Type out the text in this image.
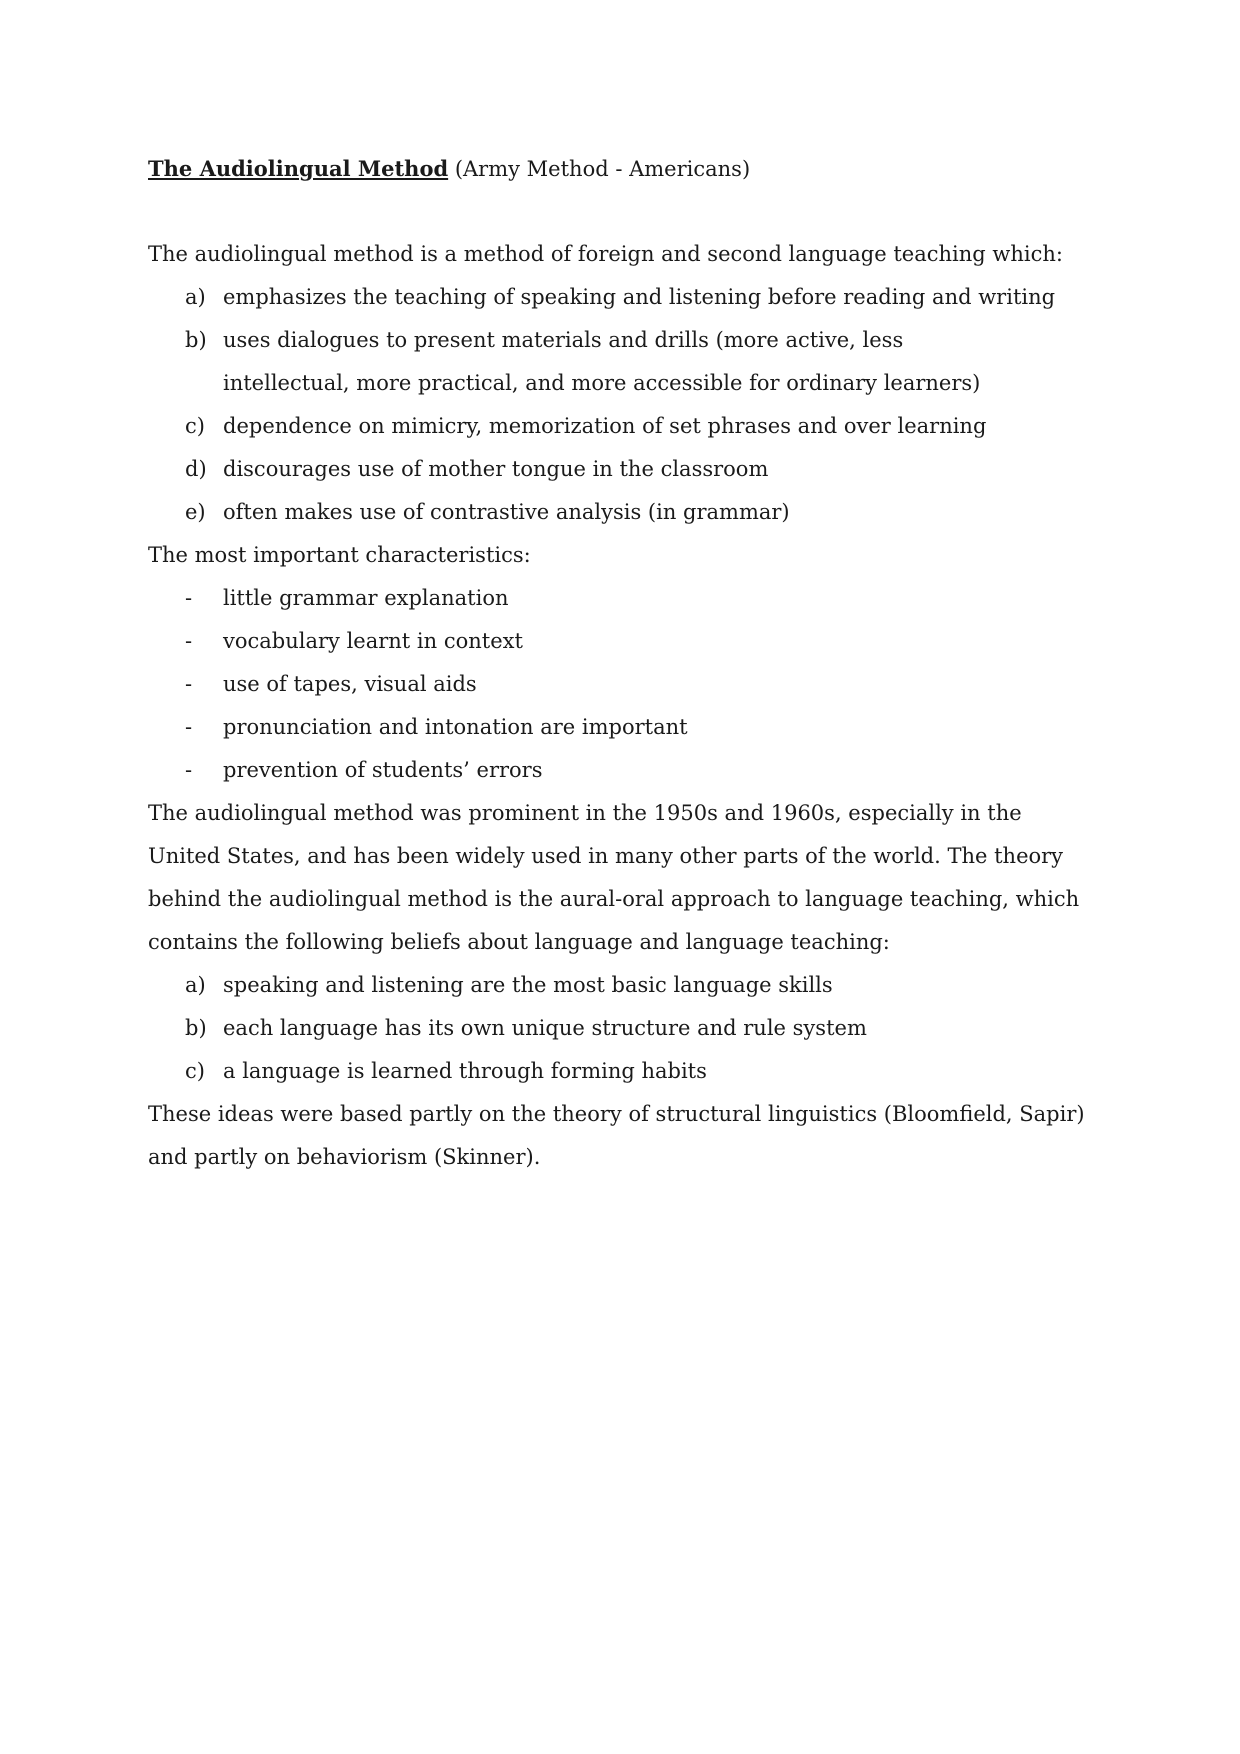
The Audiolingual Method (Army Method - Americans)

The audiolingual method is a method of foreign and second language teaching which:

a) emphasizes the teaching of speaking and listening before reading and writing
b) uses dialogues to present materials and drills (more active, less intellectual, more practical, and more accessible for ordinary learners)
c) dependence on mimicry, memorization of set phrases and over learning
d) discourages use of mother tongue in the classroom
e) often makes use of contrastive analysis (in grammar)

The most important characteristics:

-	little grammar explanation
-	vocabulary learnt in context
-	use of tapes, visual aids
-	pronunciation and intonation are important
-	prevention of students’ errors

The audiolingual method was prominent in the 1950s and 1960s, especially in the United States, and has been widely used in many other parts of the world. The theory behind the audiolingual method is the aural-oral approach to language teaching, which contains the following beliefs about language and language teaching:

a) speaking and listening are the most basic language skills
b) each language has its own unique structure and rule system
c) a language is learned through forming habits

These ideas were based partly on the theory of structural linguistics (Bloomfield, Sapir) and partly on behaviorism (Skinner).
